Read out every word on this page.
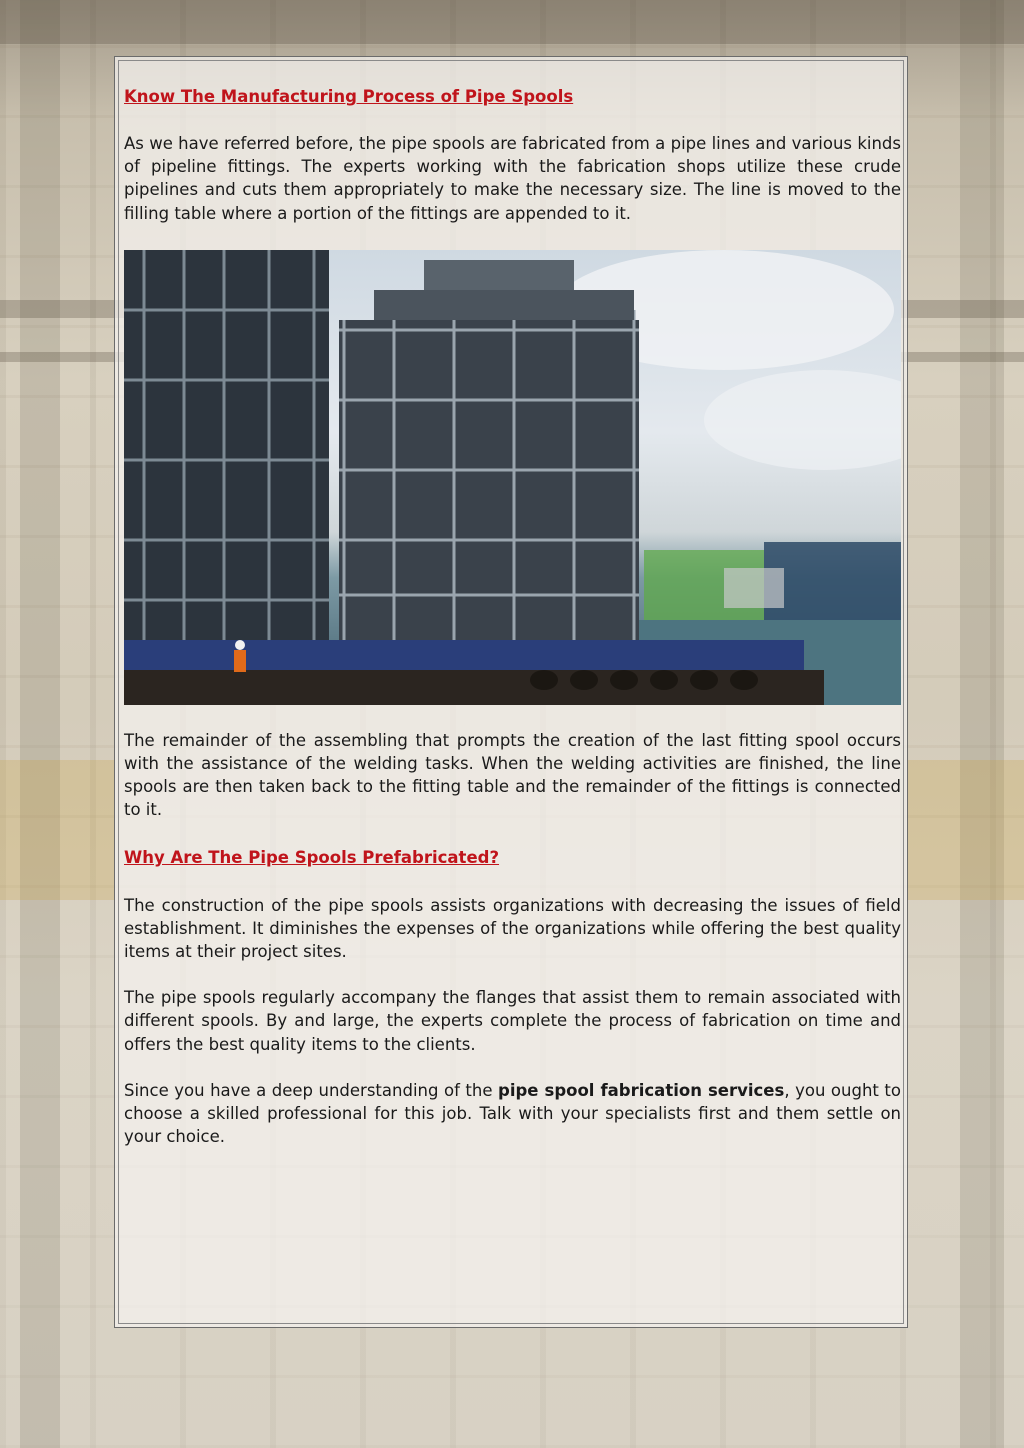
Know The Manufacturing Process of Pipe Spools

As we have referred before, the pipe spools are fabricated from a pipe lines and various kinds of pipeline fittings. The experts working with the fabrication shops utilize these crude pipelines and cuts them appropriately to make the necessary size. The line is moved to the filling table where a portion of the fittings are appended to it.

The remainder of the assembling that prompts the creation of the last fitting spool occurs with the assistance of the welding tasks. When the welding activities are finished, the line spools are then taken back to the fitting table and the remainder of the fittings is connected to it.

Why Are The Pipe Spools Prefabricated?

The construction of the pipe spools assists organizations with decreasing the issues of field establishment. It diminishes the expenses of the organizations while offering the best quality items at their project sites.

The pipe spools regularly accompany the flanges that assist them to remain associated with different spools. By and large, the experts complete the process of fabrication on time and offers the best quality items to the clients.

Since you have a deep understanding of the pipe spool fabrication services, you ought to choose a skilled professional for this job. Talk with your specialists first and them settle on your choice.
